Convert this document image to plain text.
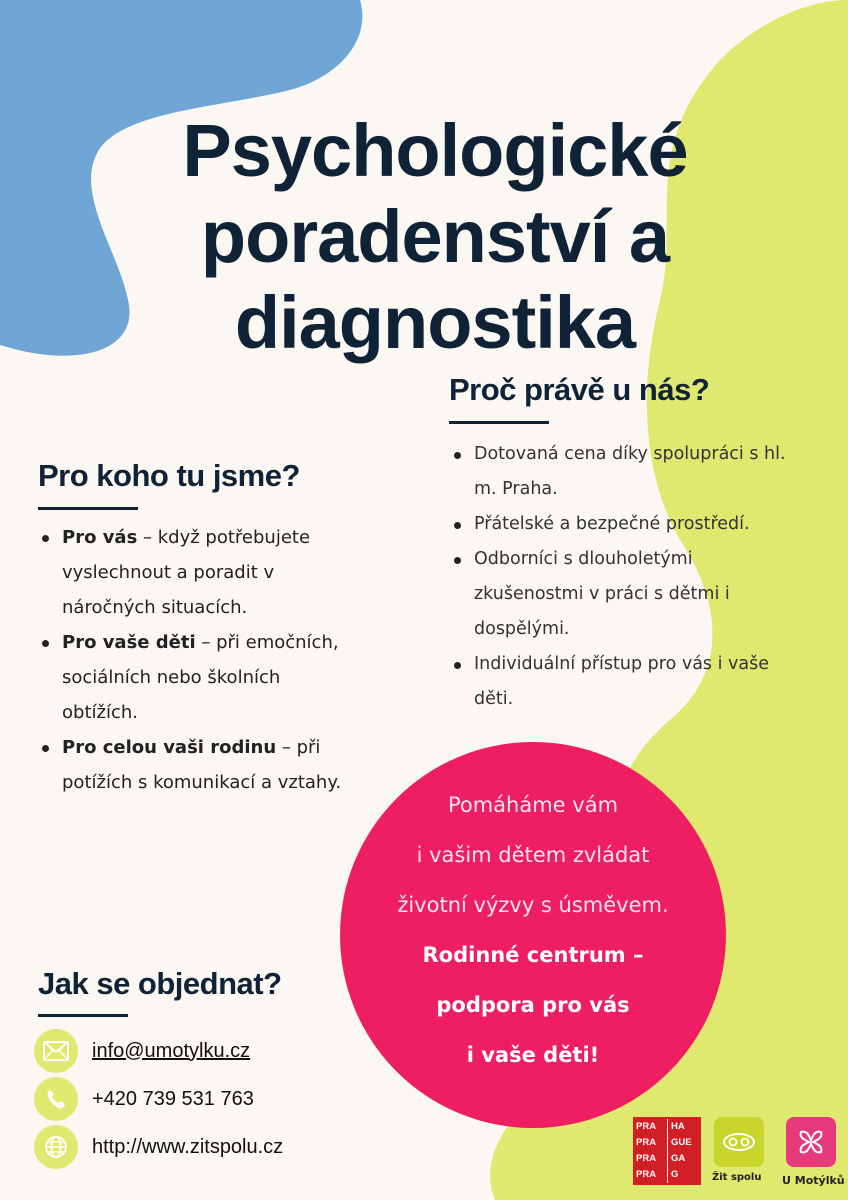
Psychologické
poradenství a
diagnostika
Proč právě u nás?
Dotovaná cena díky spolupráci s hl.
m. Praha.
Přátelské a bezpečné prostředí.
Odborníci s dlouholetými
zkušenostmi v práci s dětmi i
dospělými.
Individuální přístup pro vás i vaše
děti.
Pro koho tu jsme?
Pro vás – když potřebujete
vyslechnout a poradit v
náročných situacích.
Pro vaše děti – při emočních,
sociálních nebo školních
obtížích.
Pro celou vaši rodinu – při
potížích s komunikací a vztahy.
Pomáháme vám
i vašim dětem zvládat
životní výzvy s úsměvem.
Rodinné centrum –
podpora pro vás
i vaše děti!
Jak se objednat?
info@umotylku.cz
+420 739 531 763
http://www.zitspolu.cz
PRA
PRA
PRA
PRA
HA
GUE
GA
G	Žit spolu U Motýlků
